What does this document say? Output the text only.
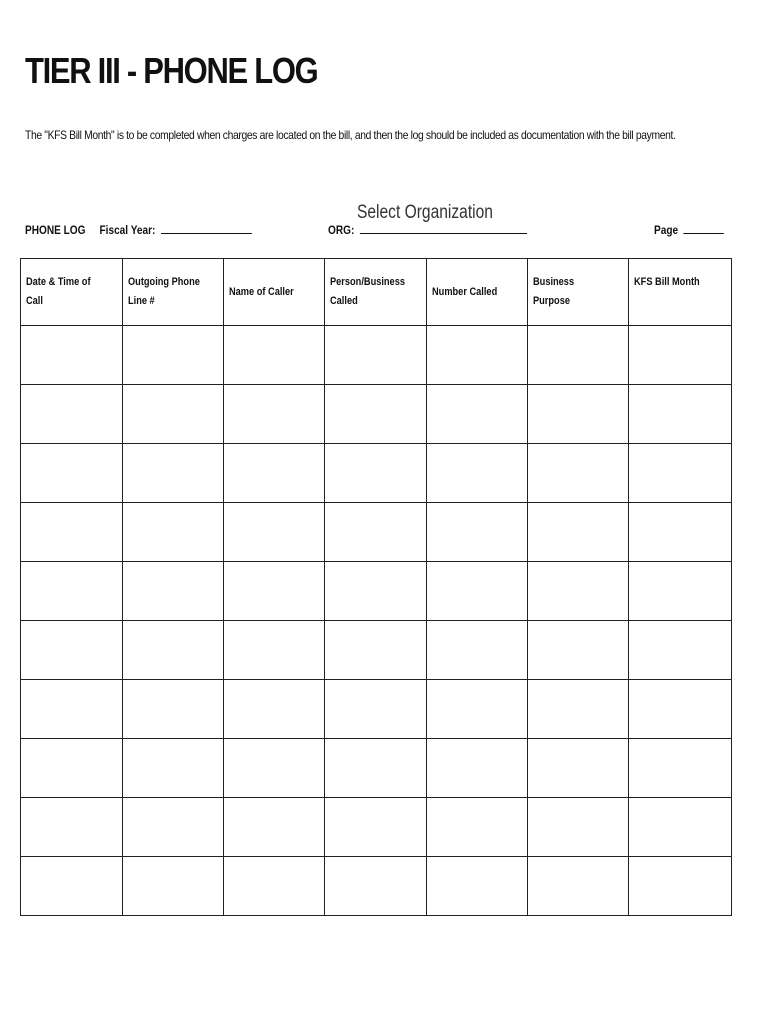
TIER III - PHONE LOG
The "KFS Bill Month" is to be completed when charges are located on the bill, and then the log should be included as documentation with the bill payment.
Select Organization
PHONE LOG Fiscal Year:	ORG:	Page
Date & Time of Call	Outgoing Phone Line #	Name of Caller	Person/Business Called	Number Called	Business Purpose	KFS Bill Month
